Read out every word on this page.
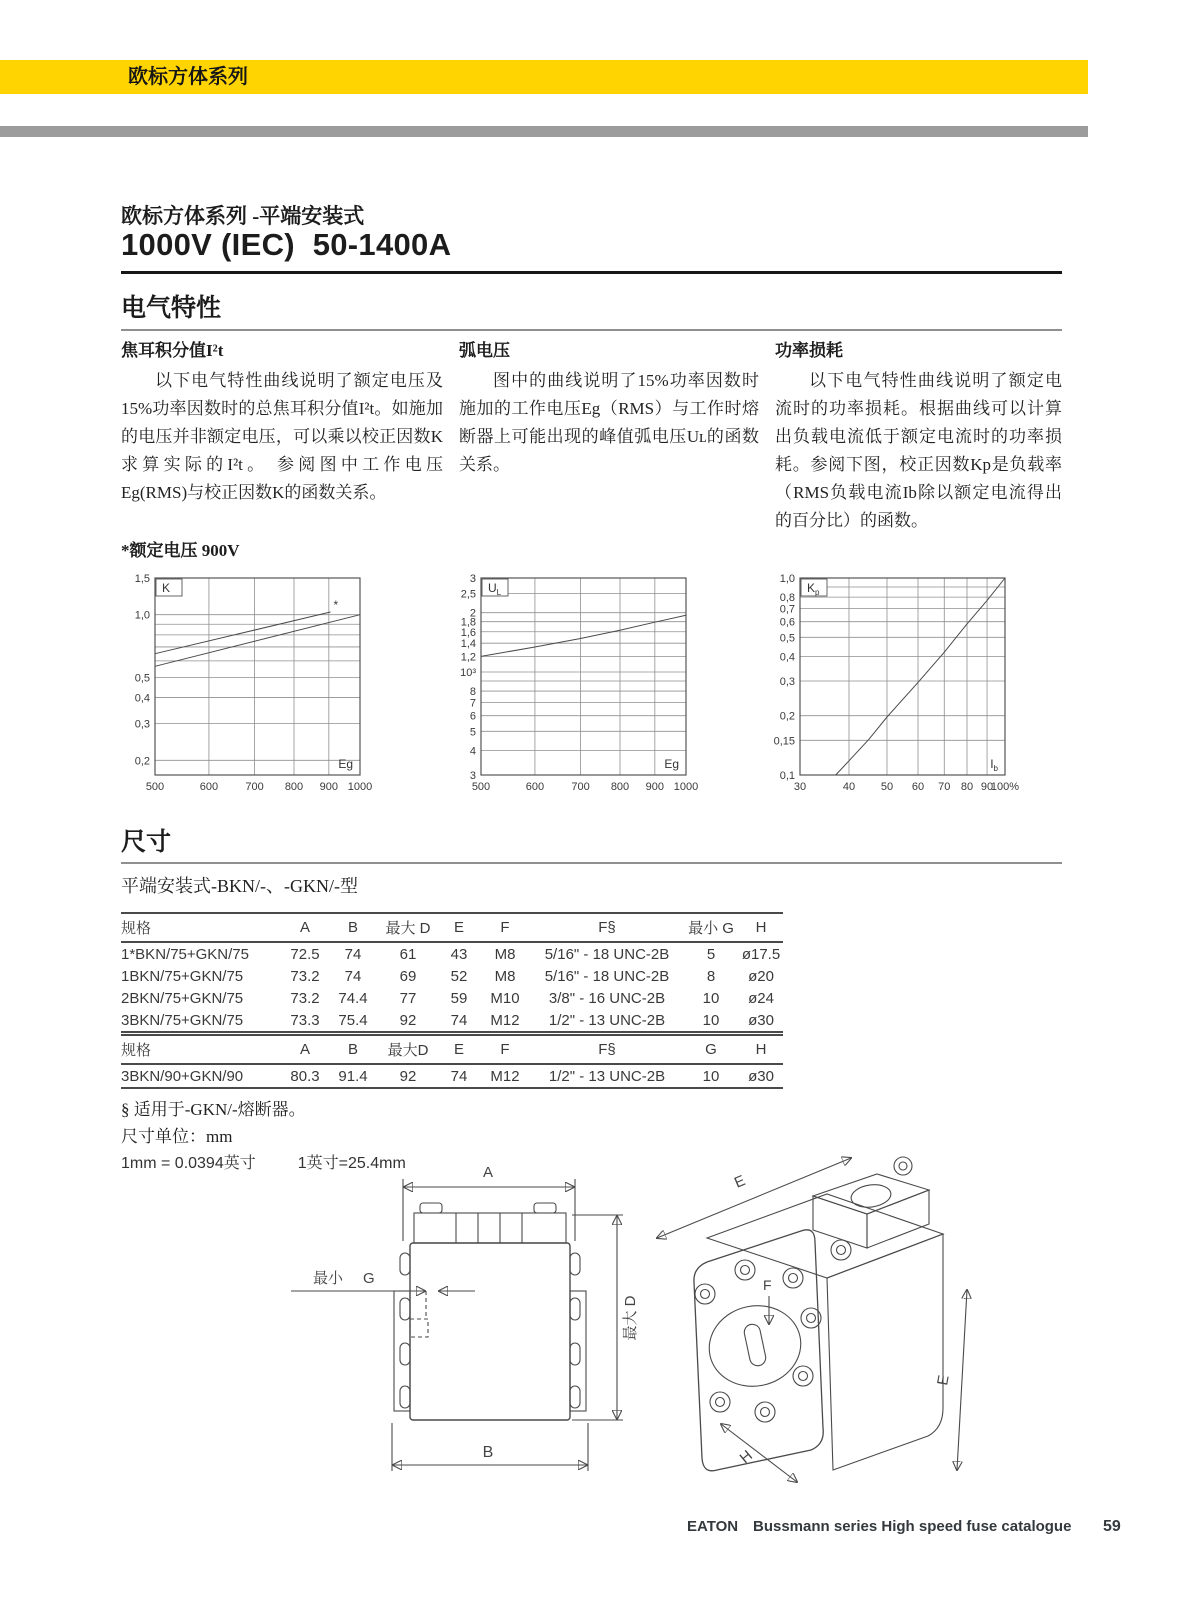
欧标方体系列
欧标方体系列 -平端安装式
1000V (IEC)  50-1400A
电气特性
焦耳积分值I²t

以下电气特性曲线说明了额定电压及15%功率因数时的总焦耳积分值I²t。如施加的电压并非额定电压，可以乘以校正因数K求算实际的I²t。 参阅图中工作电压Eg(RMS)与校正因数K的函数关系。

弧电压

图中的曲线说明了15%功率因数时施加的工作电压Eg（RMS）与工作时熔断器上可能出现的峰值弧电压Uʟ的函数关系。

功率损耗

以下电气特性曲线说明了额定电流时的功率损耗。根据曲线可以计算出负载电流低于额定电流时的功率损耗。参阅下图，校正因数Kp是负载率（RMS负载电流Ib除以额定电流得出的百分比）的函数。

*额定电压 900V
500	600 700 800 900 1000
1,5
1,0
0,5
0,4
0,3
0,2
*
K
Eg
500	600 700 800 900 1000
3
2,5
2
1,8
1,6
1,4
1,2
10³
8
7
6
5
4
3
$U_L$
Eg
30	40 50 60 70 80 90
100%
1,0
0,8
0,7
0,6
0,5
0,4
0,3
0,2
0,15
0,1
$K_p$
$I_b$
尺寸
平端安装式-BKN/-、-GKN/-型
规格	A	B	最大 D	E	F	F§	最小 G	H
1*BKN/75+GKN/75	72.5	74	61	43	M8	5/16" - 18 UNC-2B	5	ø17.5
1BKN/75+GKN/75	73.2	74	69	52	M8	5/16" - 18 UNC-2B	8	ø20
2BKN/75+GKN/75	73.2	74.4	77	59	M10	3/8" - 16 UNC-2B	10	ø24
3BKN/75+GKN/75	73.3	75.4	92	74	M12	1/2" - 13 UNC-2B	10	ø30
规格	A	B	最大D	E	F	F§	G	H
3BKN/90+GKN/90	80.3	91.4	92	74	M12	1/2" - 13 UNC-2B	10	ø30
§ 适用于-GKN/-熔断器。
尺寸单位：mm
1mm = 0.0394英寸	1英寸=25.4mm
A
最小 G
最大 D
B
E
E
H
F
EATON Bussmann series High speed fuse catalogue 59
